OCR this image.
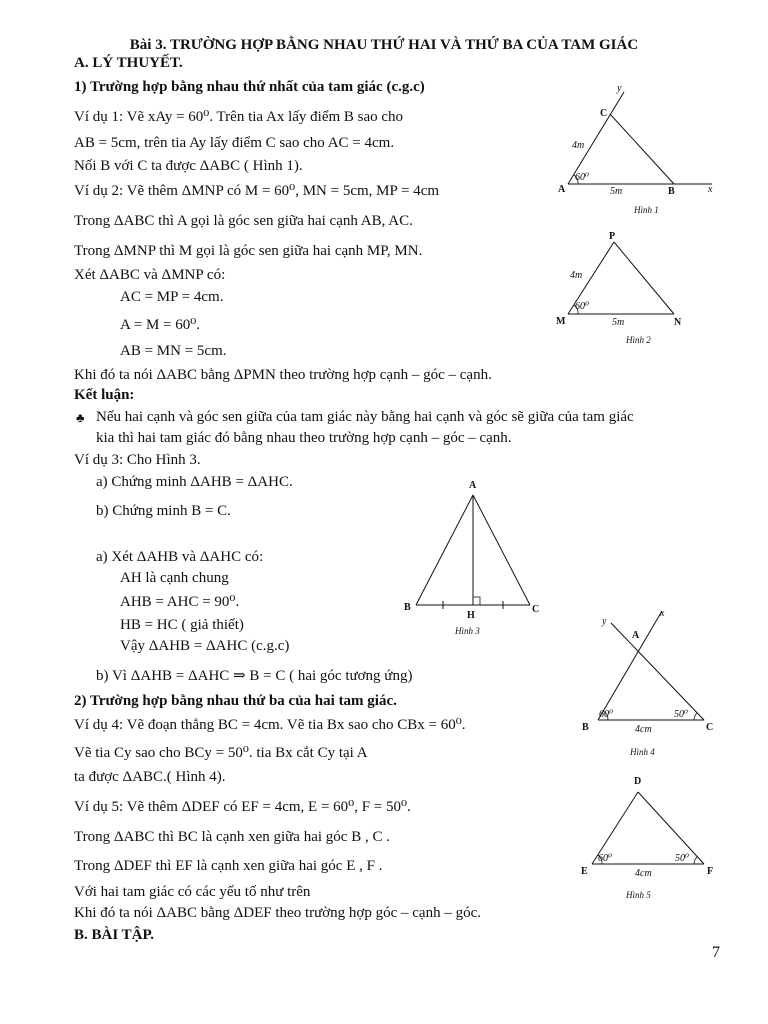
Bài 3. TRƯỜNG HỢP BẰNG NHAU THỨ HAI VÀ THỨ BA CỦA TAM GIÁC
A. LÝ THUYẾT.
1) Trường hợp bằng nhau thứ nhất của tam giác (c.g.c)
Ví dụ 1: Vẽ xAy = 60⁰. Trên tia Ax lấy điểm B sao cho
AB = 5cm, trên tia Ay lấy điểm C sao cho AC = 4cm.
Nối B với C ta được ΔABC ( Hình 1).
Ví dụ 2: Vẽ thêm ΔMNP có M = 60⁰, MN = 5cm, MP = 4cm
Trong ΔABC thì A gọi là góc sen giữa hai cạnh AB, AC.
Trong ΔMNP thì M gọi là góc sen giữa hai cạnh MP, MN.
Xét ΔABC và ΔMNP có:
AC = MP = 4cm.
A = M = 60⁰.
AB = MN = 5cm.
Khi đó ta nói ΔABC bằng ΔPMN theo trường hợp cạnh – góc – cạnh.
Kết luận:
♣ Nếu hai cạnh và góc sen giữa của tam giác này bằng hai cạnh và góc sẽ giữa của tam giác
kia thì hai tam giác đó bằng nhau theo trường hợp cạnh – góc – cạnh.
Ví dụ 3: Cho Hình 3.
a) Chứng minh ΔAHB = ΔAHC.
b) Chứng minh B = C.
a) Xét ΔAHB và ΔAHC có:
AH là cạnh chung
AHB = AHC = 90⁰.
HB = HC ( giả thiết)
Vậy ΔAHB = ΔAHC (c.g.c)
b) Vì ΔAHB = ΔAHC ⇒ B = C ( hai góc tương ứng)
2) Trường hợp bằng nhau thứ ba của hai tam giác.
Ví dụ 4: Vẽ đoạn thẳng BC = 4cm. Vẽ tia Bx sao cho CBx = 60⁰.
Vẽ tia Cy sao cho BCy = 50⁰. tia Bx cắt Cy tại A
ta được ΔABC.( Hình 4).
Ví dụ 5: Vẽ thêm ΔDEF có EF = 4cm, E = 60⁰, F = 50⁰.
Trong ΔABC thì BC là cạnh xen giữa hai góc B , C .
Trong ΔDEF thì EF là cạnh xen giữa hai góc E , F .
Với hai tam giác có các yếu tố như trên
Khi đó ta nói ΔABC bằng ΔDEF theo trường hợp góc – cạnh – góc.
B. BÀI TẬP.
7
y
C
4m
60⁰
A	5m	B	x
Hình 1
P
4m
60⁰
M	5m	N
Hình 2
A
B
H
C
Hình 3
x
y
A
60⁰	50⁰
B	4cm	C
Hình 4
D
60⁰	50⁰
E	4cm	F
Hình 5
